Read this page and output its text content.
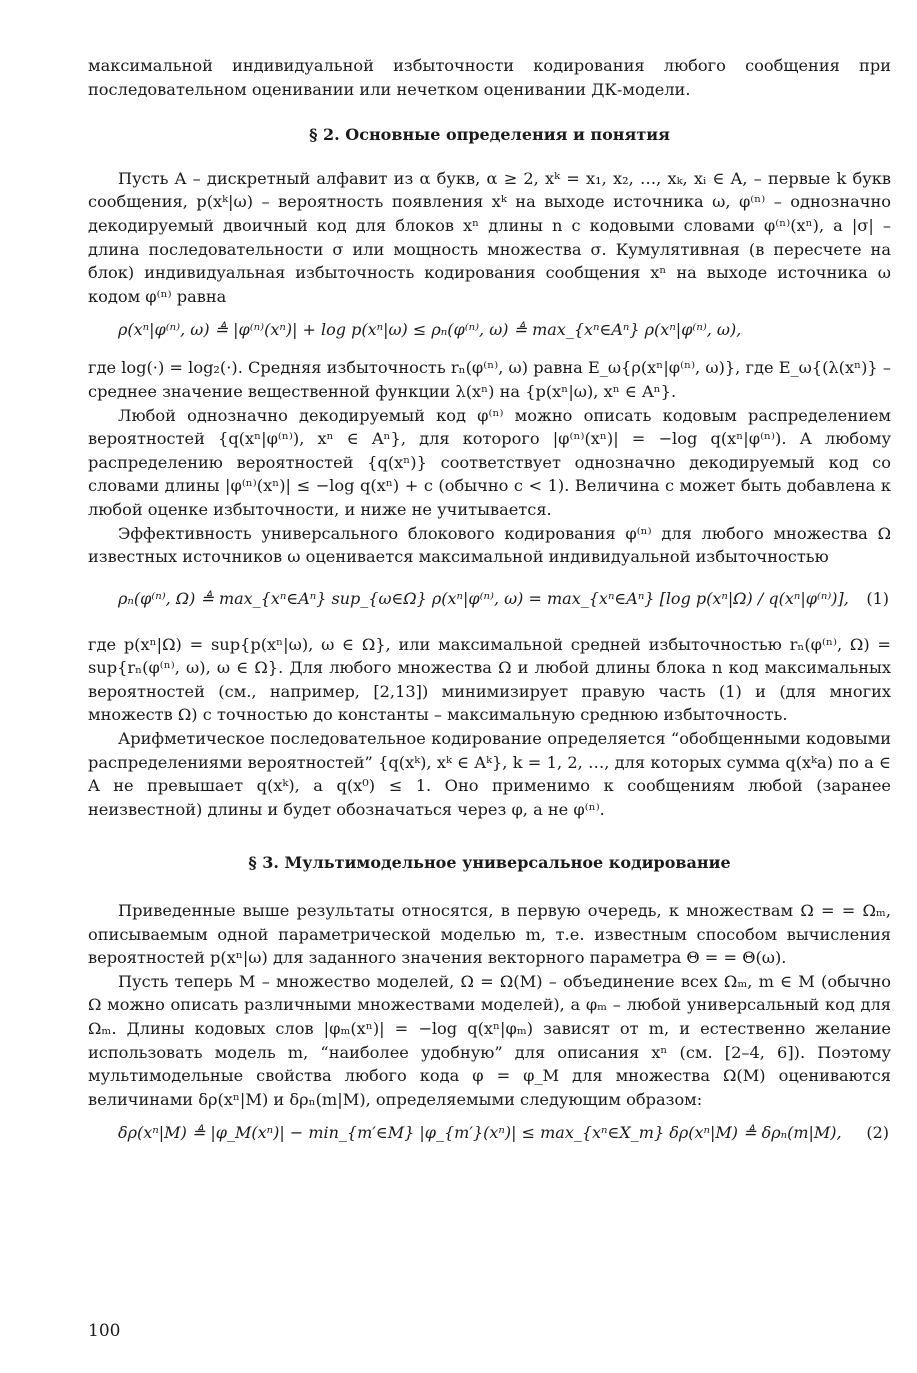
максимальной индивидуальной избыточности кодирования любого сообщения при последовательном оценивании или нечетком оценивании ДК-модели.

§ 2. Основные определения и понятия

Пусть A – дискретный алфавит из α букв, α ≥ 2, xᵏ = x₁, x₂, …, xₖ, xᵢ ∈ A, – первые k букв сообщения, p(xᵏ|ω) – вероятность появления xᵏ на выходе источника ω, φ⁽ⁿ⁾ – однозначно декодируемый двоичный код для блоков xⁿ длины n с кодовыми словами φ⁽ⁿ⁾(xⁿ), а |σ| – длина последовательности σ или мощность множества σ. Кумулятивная (в пересчете на блок) индивидуальная избыточность кодирования сообщения xⁿ на выходе источника ω кодом φ⁽ⁿ⁾ равна

ρ(xⁿ|φ⁽ⁿ⁾, ω) ≜ |φ⁽ⁿ⁾(xⁿ)| + log p(xⁿ|ω) ≤ ρₙ(φ⁽ⁿ⁾, ω) ≜ max_{xⁿ∈Aⁿ} ρ(xⁿ|φ⁽ⁿ⁾, ω),

где log(·) = log₂(·). Средняя избыточность rₙ(φ⁽ⁿ⁾, ω) равна E_ω{ρ(xⁿ|φ⁽ⁿ⁾, ω)}, где E_ω{(λ(xⁿ)} – среднее значение вещественной функции λ(xⁿ) на {p(xⁿ|ω), xⁿ ∈ Aⁿ}.

Любой однозначно декодируемый код φ⁽ⁿ⁾ можно описать кодовым распределением вероятностей {q(xⁿ|φ⁽ⁿ⁾), xⁿ ∈ Aⁿ}, для которого |φ⁽ⁿ⁾(xⁿ)| = −log q(xⁿ|φ⁽ⁿ⁾). А любому распределению вероятностей {q(xⁿ)} соответствует однозначно декодируемый код со словами длины |φ⁽ⁿ⁾(xⁿ)| ≤ −log q(xⁿ) + c (обычно c < 1). Величина c может быть добавлена к любой оценке избыточности, и ниже не учитывается.

Эффективность универсального блокового кодирования φ⁽ⁿ⁾ для любого множества Ω известных источников ω оценивается максимальной индивидуальной избыточностью

ρₙ(φ⁽ⁿ⁾, Ω) ≜ max_{xⁿ∈Aⁿ} sup_{ω∈Ω} ρ(xⁿ|φ⁽ⁿ⁾, ω) = max_{xⁿ∈Aⁿ} [log p(xⁿ|Ω) / q(xⁿ|φ⁽ⁿ⁾)], (1)

где p(xⁿ|Ω) = sup{p(xⁿ|ω), ω ∈ Ω}, или максимальной средней избыточностью rₙ(φ⁽ⁿ⁾, Ω) = sup{rₙ(φ⁽ⁿ⁾, ω), ω ∈ Ω}. Для любого множества Ω и любой длины блока n код максимальных вероятностей (см., например, [2,13]) минимизирует правую часть (1) и (для многих множеств Ω) с точностью до константы – максимальную среднюю избыточность.

Арифметическое последовательное кодирование определяется “обобщенными кодовыми распределениями вероятностей” {q(xᵏ), xᵏ ∈ Aᵏ}, k = 1, 2, …, для которых сумма q(xᵏa) по a ∈ A не превышает q(xᵏ), а q(x⁰) ≤ 1. Оно применимо к сообщениям любой (заранее неизвестной) длины и будет обозначаться через φ, а не φ⁽ⁿ⁾.

§ 3. Мультимодельное универсальное кодирование

Приведенные выше результаты относятся, в первую очередь, к множествам Ω = = Ωₘ, описываемым одной параметрической моделью m, т.е. известным способом вычисления вероятностей p(xⁿ|ω) для заданного значения векторного параметра Θ = = Θ(ω).

Пусть теперь M – множество моделей, Ω = Ω(M) – объединение всех Ωₘ, m ∈ M (обычно Ω можно описать различными множествами моделей), а φₘ – любой универсальный код для Ωₘ. Длины кодовых слов |φₘ(xⁿ)| = −log q(xⁿ|φₘ) зависят от m, и естественно желание использовать модель m, “наиболее удобную” для описания xⁿ (см. [2–4, 6]). Поэтому мультимодельные свойства любого кода φ = φ_M для множества Ω(M) оцениваются величинами δρ(xⁿ|M) и δρₙ(m|M), определяемыми следующим образом:

δρ(xⁿ|M) ≜ |φ_M(xⁿ)| − min_{m′∈M} |φ_{m′}(xⁿ)| ≤ max_{xⁿ∈X_m} δρ(xⁿ|M) ≜ δρₙ(m|M), (2)
100
